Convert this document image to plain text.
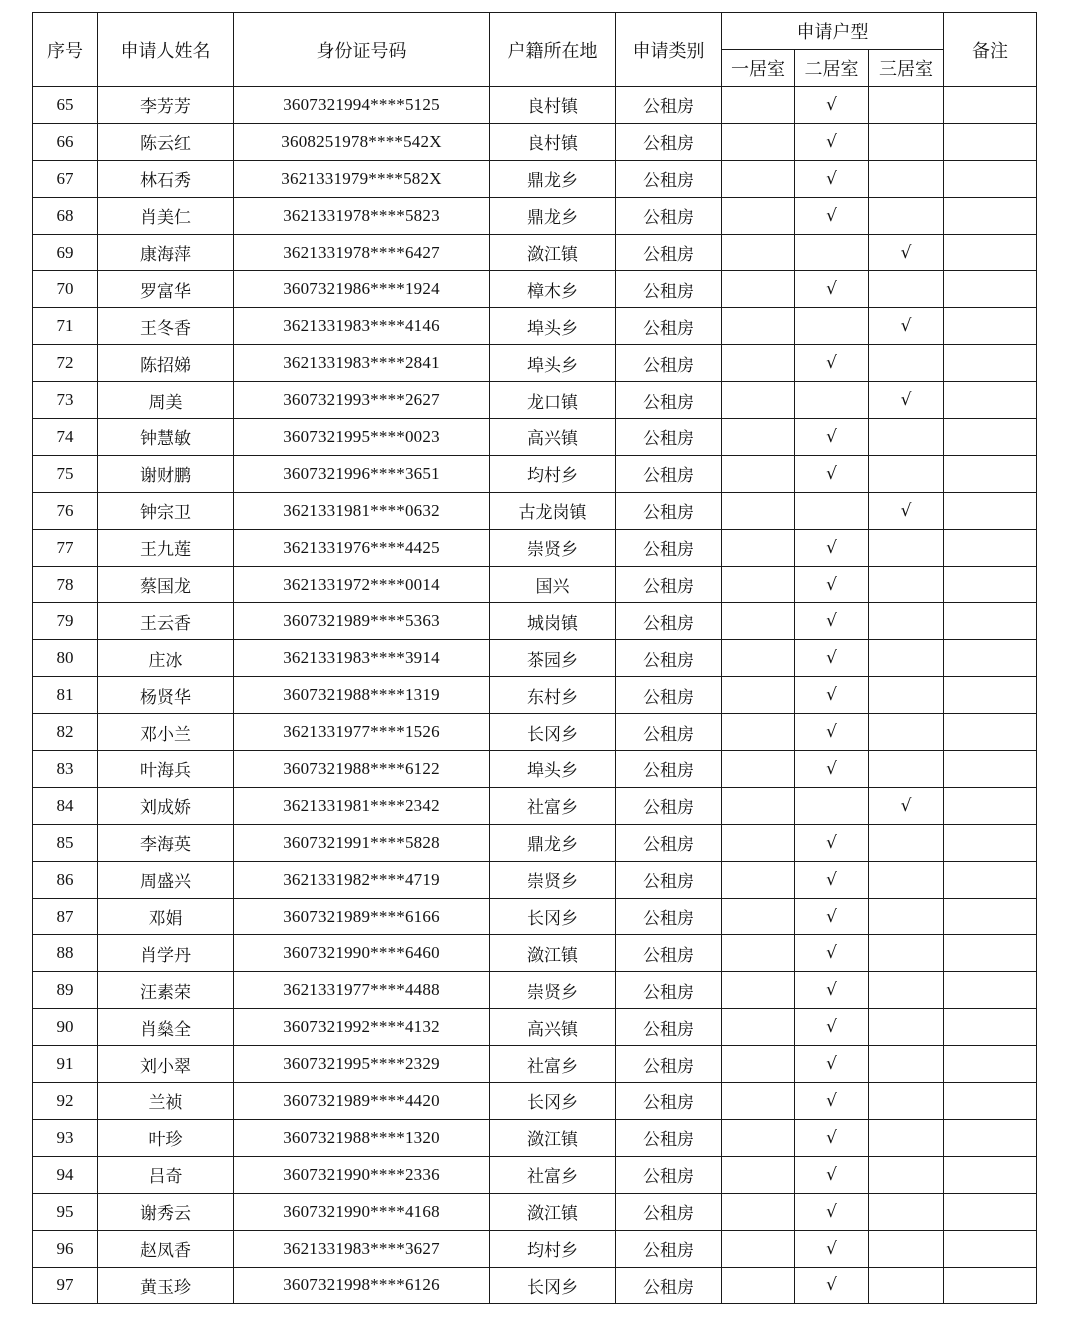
序号	申请人姓名	身份证号码	户籍所在地	申请类别	申请户型			备注
					一居室	二居室	三居室	
65	李芳芳	3607321994****5125	良村镇	公租房		√		
66	陈云红	3608251978****542X	良村镇	公租房		√		
67	林石秀	3621331979****582X	鼎龙乡	公租房		√		
68	肖美仁	3621331978****5823	鼎龙乡	公租房		√		
69	康海萍	3621331978****6427	潋江镇	公租房			√	
70	罗富华	3607321986****1924	樟木乡	公租房		√		
71	王冬香	3621331983****4146	埠头乡	公租房			√	
72	陈招娣	3621331983****2841	埠头乡	公租房		√		
73	周美	3607321993****2627	龙口镇	公租房			√	
74	钟慧敏	3607321995****0023	高兴镇	公租房		√		
75	谢财鹏	3607321996****3651	均村乡	公租房		√		
76	钟宗卫	3621331981****0632	古龙岗镇	公租房			√	
77	王九莲	3621331976****4425	崇贤乡	公租房		√		
78	蔡国龙	3621331972****0014	国兴	公租房		√		
79	王云香	3607321989****5363	城岗镇	公租房		√		
80	庄冰	3621331983****3914	茶园乡	公租房		√		
81	杨贤华	3607321988****1319	东村乡	公租房		√		
82	邓小兰	3621331977****1526	长冈乡	公租房		√		
83	叶海兵	3607321988****6122	埠头乡	公租房		√		
84	刘成娇	3621331981****2342	社富乡	公租房			√	
85	李海英	3607321991****5828	鼎龙乡	公租房		√		
86	周盛兴	3621331982****4719	崇贤乡	公租房		√		
87	邓娟	3607321989****6166	长冈乡	公租房		√		
88	肖学丹	3607321990****6460	潋江镇	公租房		√		
89	汪素荣	3621331977****4488	崇贤乡	公租房		√		
90	肖燊全	3607321992****4132	高兴镇	公租房		√		
91	刘小翠	3607321995****2329	社富乡	公租房		√		
92	兰祯	3607321989****4420	长冈乡	公租房		√		
93	叶珍	3607321988****1320	潋江镇	公租房		√		
94	吕奇	3607321990****2336	社富乡	公租房		√		
95	谢秀云	3607321990****4168	潋江镇	公租房		√		
96	赵凤香	3621331983****3627	均村乡	公租房		√		
97	黄玉珍	3607321998****6126	长冈乡	公租房		√		
